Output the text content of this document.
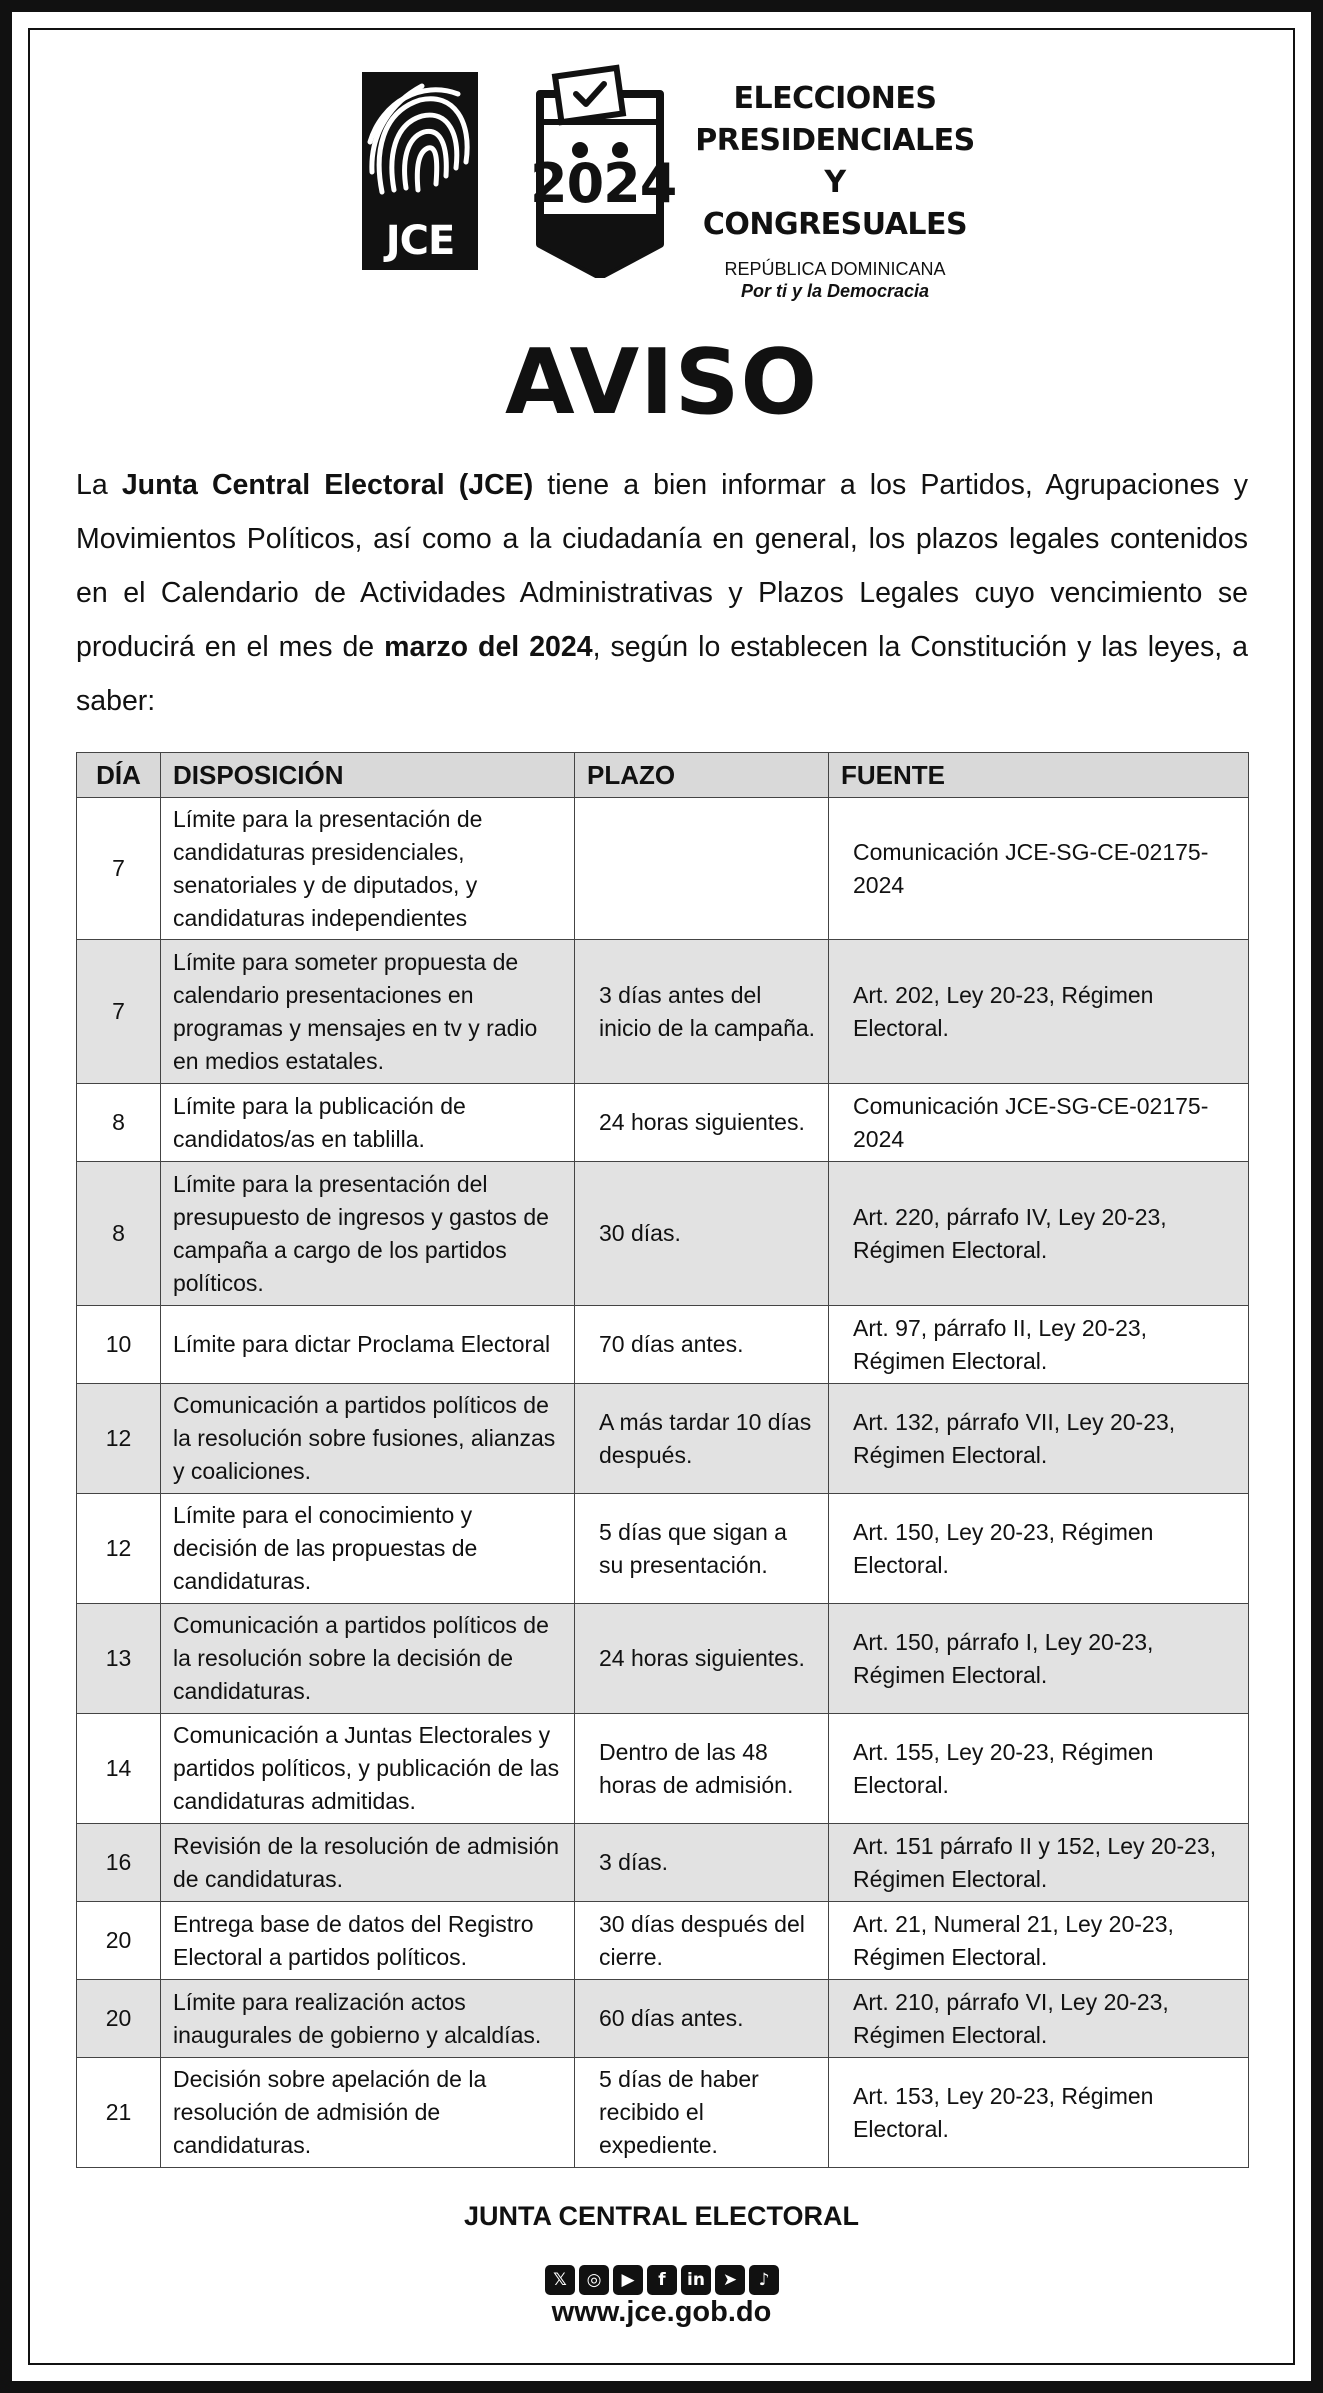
JCE
2024
ELECCIONES
PRESIDENCIALES
Y CONGRESUALES
REPÚBLICA DOMINICANA
Por ti y la Democracia
AVISO
La Junta Central Electoral (JCE) tiene a bien informar a los Partidos, Agrupaciones y Movimientos Políticos, así como a la ciudadanía en general, los plazos legales contenidos en el Calendario de Actividades Administrativas y Plazos Legales cuyo vencimiento se producirá en el mes de marzo del 2024, según lo establecen la Constitución y las leyes, a saber:
DÍA	DISPOSICIÓN	PLAZO	FUENTE
7	Límite para la presentación de candidaturas presidenciales, senatoriales y de diputados, y candidaturas independientes		Comunicación JCE-SG-CE-02175-2024
7	Límite para someter propuesta de calendario presentaciones en programas y mensajes en tv y radio en medios estatales.	3 días antes del inicio de la campaña.	Art. 202, Ley 20-23, Régimen Electoral.
8	Límite para la publicación de candidatos/as en tablilla.	24 horas siguientes.	Comunicación JCE-SG-CE-02175-2024
8	Límite para la presentación del presupuesto de ingresos y gastos de campaña a cargo de los partidos políticos.	30 días.	Art. 220, párrafo IV, Ley 20-23, Régimen Electoral.
10	Límite para dictar Proclama Electoral	70 días antes.	Art. 97, párrafo II, Ley 20-23, Régimen Electoral.
12	Comunicación a partidos políticos de la resolución sobre fusiones, alianzas y coaliciones.	A más tardar 10 días después.	Art. 132, párrafo VII, Ley 20-23, Régimen Electoral.
12	Límite para el conocimiento y decisión de las propuestas de candidaturas.	5 días que sigan a su presentación.	Art. 150, Ley 20-23, Régimen Electoral.
13	Comunicación a partidos políticos de la resolución sobre la decisión de candidaturas.	24 horas siguientes.	Art. 150, párrafo I, Ley 20-23, Régimen Electoral.
14	Comunicación a Juntas Electorales y partidos políticos, y publicación de las candidaturas admitidas.	Dentro de las 48 horas de admisión.	Art. 155, Ley 20-23, Régimen Electoral.
16	Revisión de la resolución de admisión de candidaturas.	3 días.	Art. 151 párrafo II y 152, Ley 20-23, Régimen Electoral.
20	Entrega base de datos del Registro Electoral a partidos políticos.	30 días después del cierre.	Art. 21, Numeral 21, Ley 20-23, Régimen Electoral.
20	Límite para realización actos inaugurales de gobierno y alcaldías.	60 días antes.	Art. 210, párrafo VI, Ley 20-23, Régimen Electoral.
21	Decisión sobre apelación de la resolución de admisión de candidaturas.	5 días de haber recibido el expediente.	Art. 153, Ley 20-23, Régimen Electoral.
JUNTA CENTRAL ELECTORAL
𝕏	◎	▶	f	in	➤	♪
www.jce.gob.do
